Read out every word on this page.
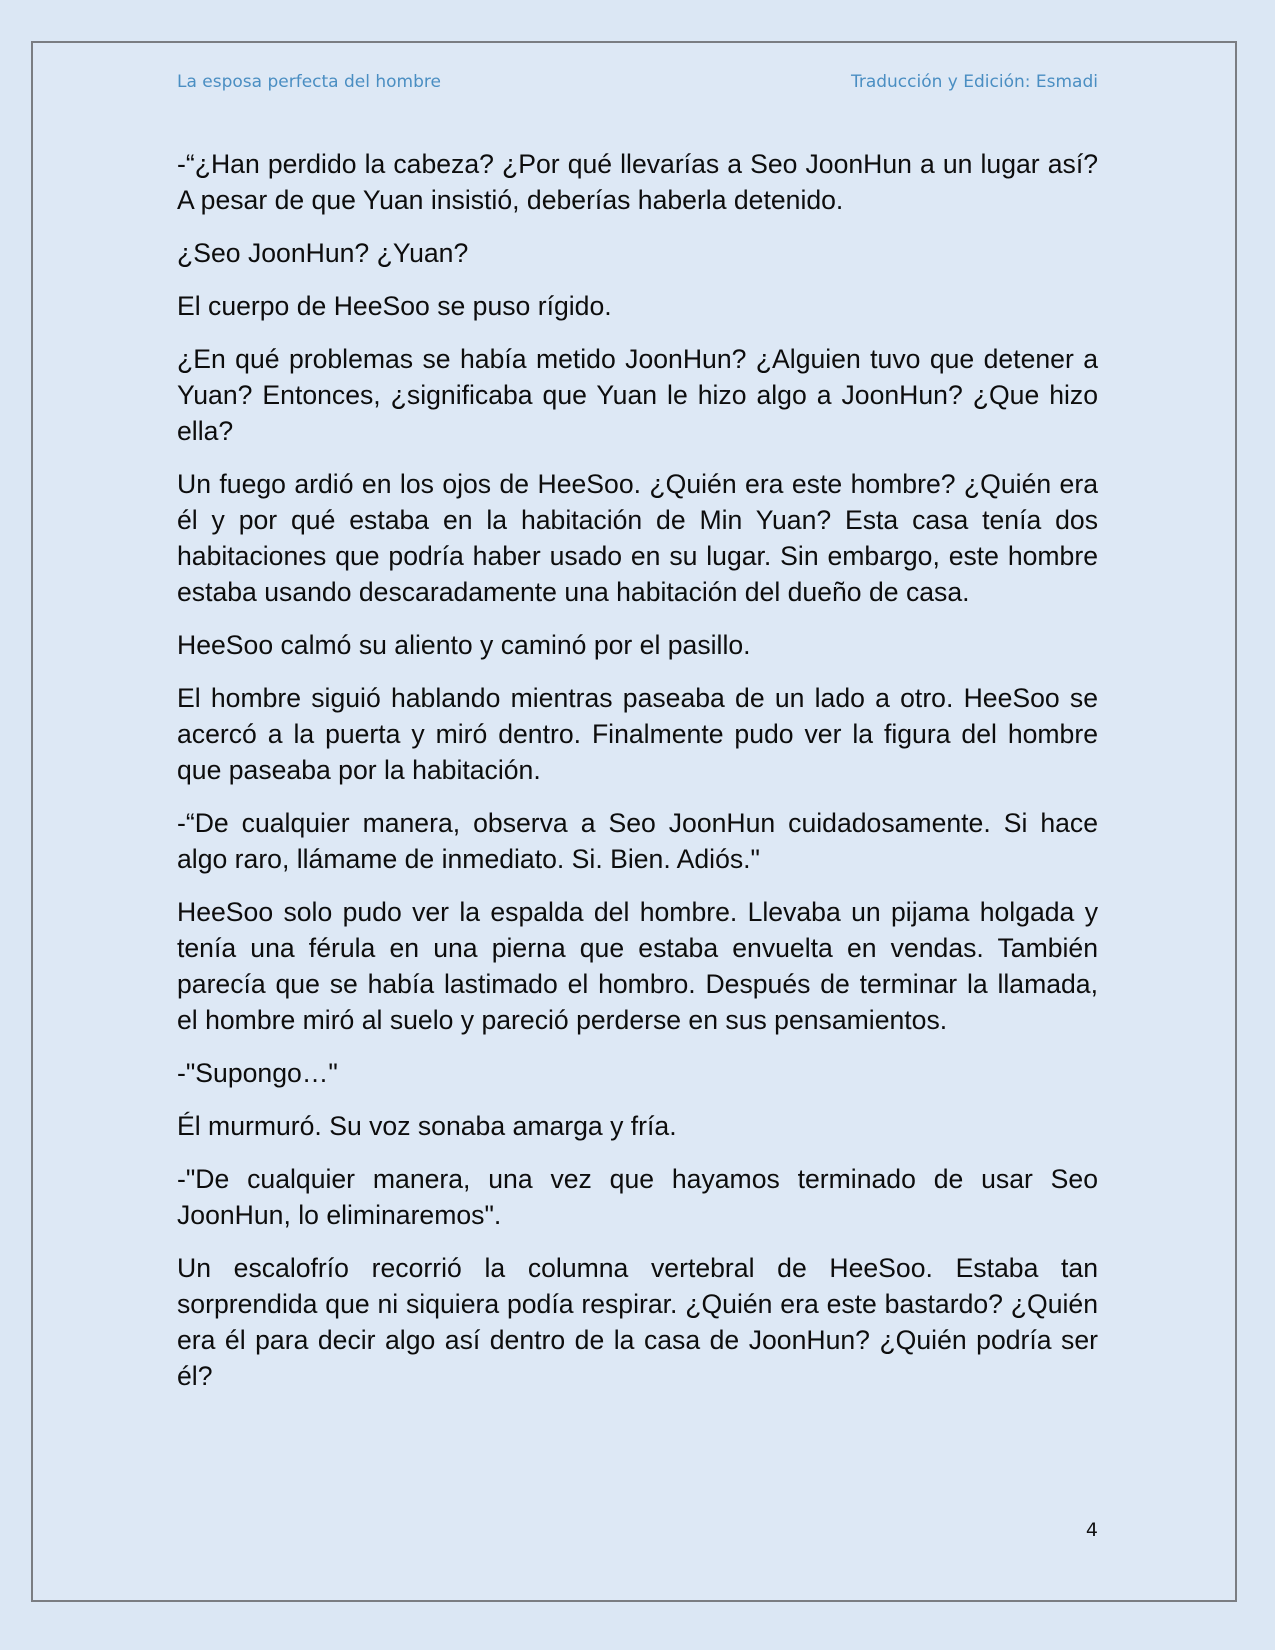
La esposa perfecta del hombre	Traducción y Edición: Esmadi

-“¿Han perdido la cabeza? ¿Por qué llevarías a Seo JoonHun a un lugar así? A pesar de que Yuan insistió, deberías haberla detenido.

¿Seo JoonHun? ¿Yuan?

El cuerpo de HeeSoo se puso rígido.

¿En qué problemas se había metido JoonHun? ¿Alguien tuvo que detener a Yuan? Entonces, ¿significaba que Yuan le hizo algo a JoonHun? ¿Que hizo ella?

Un fuego ardió en los ojos de HeeSoo. ¿Quién era este hombre? ¿Quién era él y por qué estaba en la habitación de Min Yuan? Esta casa tenía dos habitaciones que podría haber usado en su lugar. Sin embargo, este hombre estaba usando descaradamente una habitación del dueño de casa.

HeeSoo calmó su aliento y caminó por el pasillo.

El hombre siguió hablando mientras paseaba de un lado a otro. HeeSoo se acercó a la puerta y miró dentro. Finalmente pudo ver la figura del hombre que paseaba por la habitación.

-“De cualquier manera, observa a Seo JoonHun cuidadosamente. Si hace algo raro, llámame de inmediato. Si. Bien. Adiós."

HeeSoo solo pudo ver la espalda del hombre. Llevaba un pijama holgada y tenía una férula en una pierna que estaba envuelta en vendas. También parecía que se había lastimado el hombro. Después de terminar la llamada, el hombre miró al suelo y pareció perderse en sus pensamientos.

-"Supongo…"

Él murmuró. Su voz sonaba amarga y fría.

-"De cualquier manera, una vez que hayamos terminado de usar Seo JoonHun, lo eliminaremos".

Un escalofrío recorrió la columna vertebral de HeeSoo. Estaba tan sorprendida que ni siquiera podía respirar. ¿Quién era este bastardo? ¿Quién era él para decir algo así dentro de la casa de JoonHun? ¿Quién podría ser él?

4
